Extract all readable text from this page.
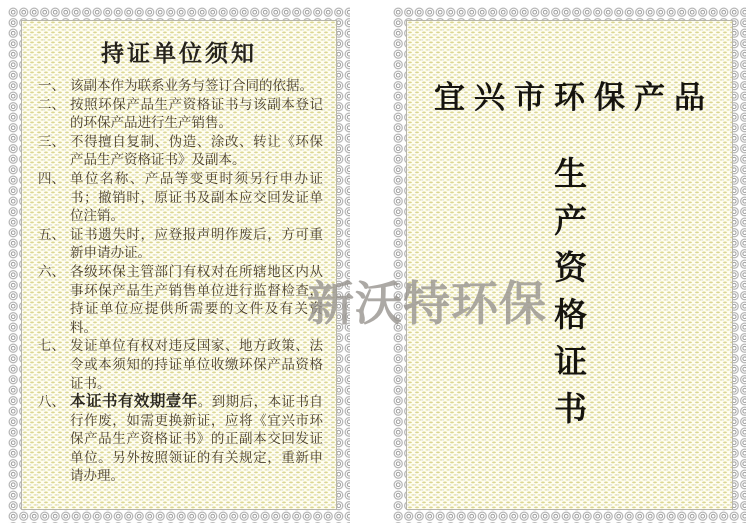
持证单位须知
一、 该副本作为联系业务与签订合同的依据。
二、 按照环保产品生产资格证书与该副本登记的环保产品进行生产销售。
三、 不得擅自复制、伪造、涂改、转让《环保产品生产资格证书》及副本。
四、 单位名称、产品等变更时须另行申办证书；撤销时，原证书及副本应交回发证单位注销。
五、 证书遗失时，应登报声明作废后，方可重新申请办证。
六、 各级环保主管部门有权对在所辖地区内从事环保产品生产销售单位进行监督检查，持证单位应提供所需要的文件及有关资料。
七、 发证单位有权对违反国家、地方政策、法令或本须知的持证单位收缴环保产品资格证书。
八、 本证书有效期壹年。到期后，本证书自行作废，如需更换新证，应将《宜兴市环保产品生产资格证书》的正副本交回发证单位。另外按照领证的有关规定，重新申请办理。
宜兴市环保产品
生产资格证书
新沃特环保
